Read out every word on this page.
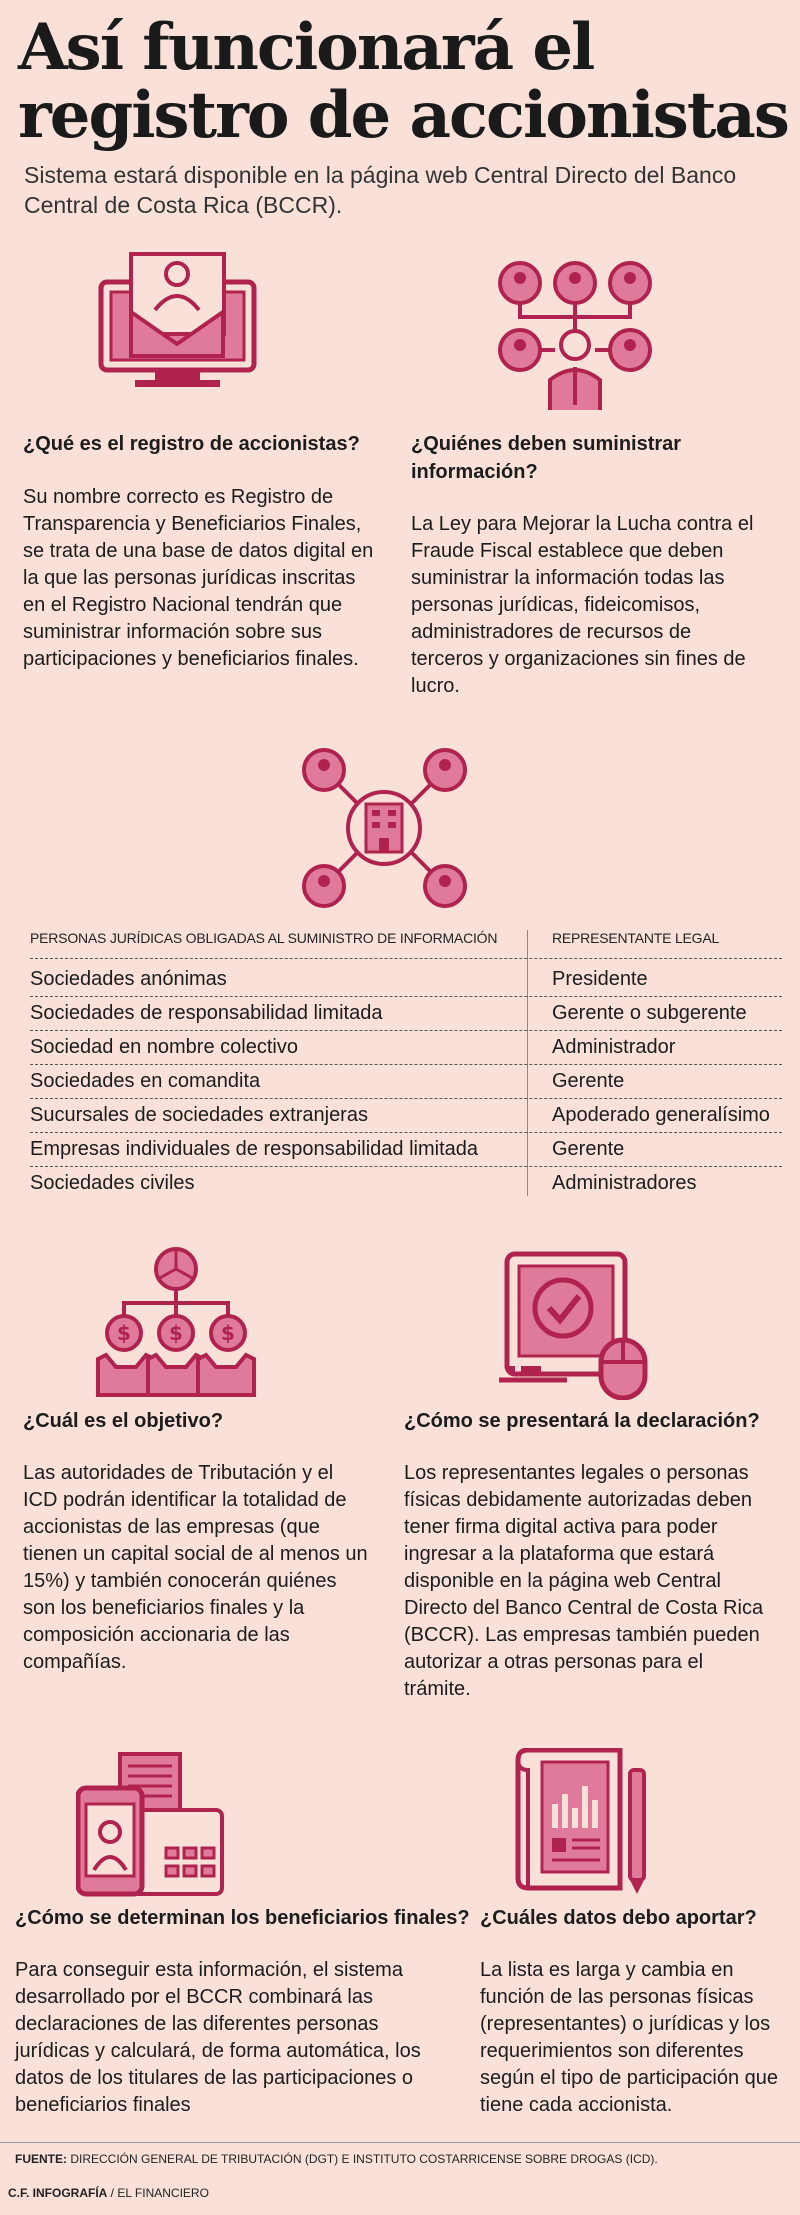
Así funcionará el registro de accionistas

Sistema estará disponible en la página web Central Directo del Banco Central de Costa Rica (BCCR).

¿Qué es el registro de accionistas?

Su nombre correcto es Registro de Transparencia y Beneficiarios Finales, se trata de una base de datos digital en la que las personas jurídicas inscritas en el Registro Nacional tendrán que suministrar información sobre sus participaciones y beneficiarios finales.

¿Quiénes deben suministrar información?

La Ley para Mejorar la Lucha contra el Fraude Fiscal establece que deben suministrar la información todas las personas jurídicas, fideicomisos, administradores de recursos de terceros y organizaciones sin fines de lucro.

PERSONAS JURÍDICAS OBLIGADAS AL SUMINISTRO DE INFORMACIÓN	REPRESENTANTE LEGAL
Sociedades anónimas	Presidente
Sociedades de responsabilidad limitada	Gerente o subgerente
Sociedad en nombre colectivo	Administrador
Sociedades en comandita	Gerente
Sucursales de sociedades extranjeras	Apoderado generalísimo
Empresas individuales de responsabilidad limitada	Gerente
Sociedades civiles	Administradores
$ $ $
¿Cuál es el objetivo?

Las autoridades de Tributación y el ICD podrán identificar la totalidad de accionistas de las empresas (que tienen un capital social de al menos un 15%) y también conocerán quiénes son los beneficiarios finales y la composición accionaria de las compañías.

¿Cómo se presentará la declaración?

Los representantes legales o personas físicas debidamente autorizadas deben tener firma digital activa para poder ingresar a la plataforma que estará disponible en la página web Central Directo del Banco Central de Costa Rica (BCCR). Las empresas también pueden autorizar a otras personas para el trámite.

¿Cómo se determinan los beneficiarios finales?

Para conseguir esta información, el sistema desarrollado por el BCCR combinará las declaraciones de las diferentes personas jurídicas y calculará, de forma automática, los datos de los titulares de las participaciones o beneficiarios finales

¿Cuáles datos debo aportar?

La lista es larga y cambia en función de las personas físicas (representantes) o jurídicas y los requerimientos son diferentes según el tipo de participación que tiene cada accionista.

FUENTE: DIRECCIÓN GENERAL DE TRIBUTACIÓN (DGT) E INSTITUTO COSTARRICENSE SOBRE DROGAS (ICD).
C.F. INFOGRAFÍA / EL FINANCIERO
